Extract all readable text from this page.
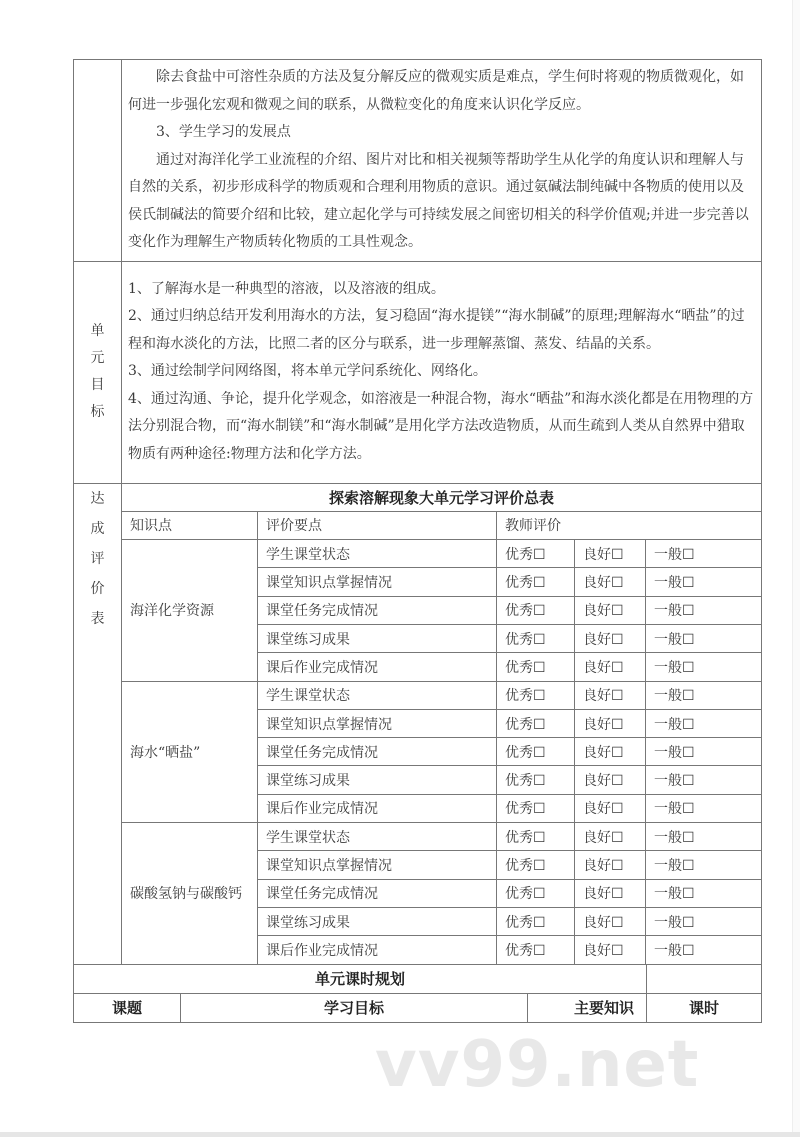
除去食盐中可溶性杂质的方法及复分解反应的微观实质是难点，学生何时将观的物质微观化，如何进一步强化宏观和微观之间的联系，从微粒变化的角度来认识化学反应。

3、学生学习的发展点

通过对海洋化学工业流程的介绍、图片对比和相关视频等帮助学生从化学的角度认识和理解人与自然的关系，初步形成科学的物质观和合理利用物质的意识。通过氨碱法制纯碱中各物质的使用以及侯氏制碱法的简要介绍和比较，建立起化学与可持续发展之间密切相关的科学价值观;并进一步完善以变化作为理解生产物质转化物质的工具性观念。

单元目标	

1、了解海水是一种典型的溶液，以及溶液的组成。

2、通过归纳总结开发利用海水的方法，复习稳固“海水提镁”“海水制碱”的原理;理解海水“晒盐”的过程和海水淡化的方法，比照二者的区分与联系，进一步理解蒸馏、蒸发、结晶的关系。

3、通过绘制学问网络图，将本单元学问系统化、网络化。

4、通过沟通、争论，提升化学观念，如溶液是一种混合物，海水“晒盐”和海水淡化都是在用物理的方法分别混合物，而“海水制镁”和“海水制碱”是用化学方法改造物质，从而生疏到人类从自然界中猎取物质有两种途径:物理方法和化学方法。

达成评价表	探索溶解现象大单元学习评价总表				
	知识点	评价要点	教师评价		
	海洋化学资源	学生课堂状态	优秀☐	良好☐	一般☐
		课堂知识点掌握情况	优秀☐	良好☐	一般☐
		课堂任务完成情况	优秀☐	良好☐	一般☐
		课堂练习成果	优秀☐	良好☐	一般☐
		课后作业完成情况	优秀☐	良好☐	一般☐
	海水“晒盐”	学生课堂状态	优秀☐	良好☐	一般☐
		课堂知识点掌握情况	优秀☐	良好☐	一般☐
		课堂任务完成情况	优秀☐	良好☐	一般☐
		课堂练习成果	优秀☐	良好☐	一般☐
		课后作业完成情况	优秀☐	良好☐	一般☐
	碳酸氢钠与碳酸钙	学生课堂状态	优秀☐	良好☐	一般☐
		课堂知识点掌握情况	优秀☐	良好☐	一般☐
		课堂任务完成情况	优秀☐	良好☐	一般☐
		课堂练习成果	优秀☐	良好☐	一般☐
		课后作业完成情况	优秀☐	良好☐	一般☐
单元课时规划			
课题	学习目标	主要知识	课时
vv99.net
